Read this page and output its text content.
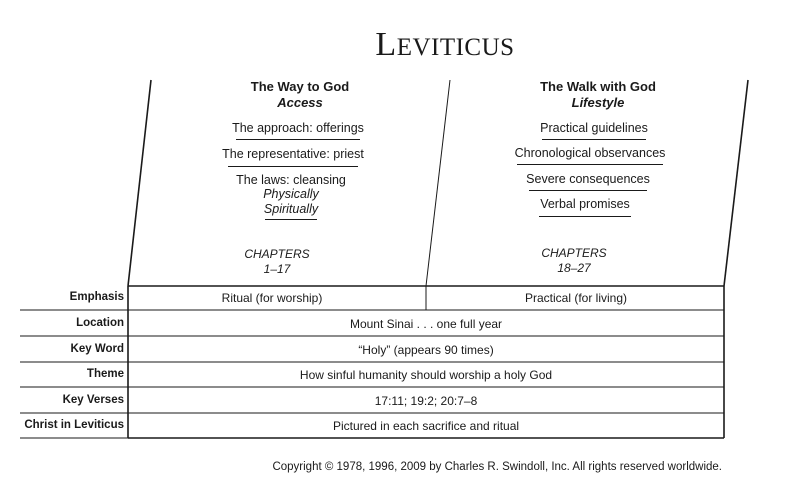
LEVITICUS
The Way to God
Access
The approach: offerings
The representative: priest
The laws: cleansing
Physically
Spiritually
CHAPTERS
1–17
The Walk with God
Lifestyle
Practical guidelines
Chronological observances
Severe consequences
Verbal promises
CHAPTERS
18–27
Emphasis	Ritual (for worship)	Practical (for living)
Location	Mount Sinai . . . one full year
Key Word	“Holy” (appears 90 times)
Theme	How sinful humanity should worship a holy God
Key Verses	17:11; 19:2; 20:7–8
Christ in Leviticus	Pictured in each sacrifice and ritual
Copyright © 1978, 1996, 2009 by Charles R. Swindoll, Inc. All rights reserved worldwide.
